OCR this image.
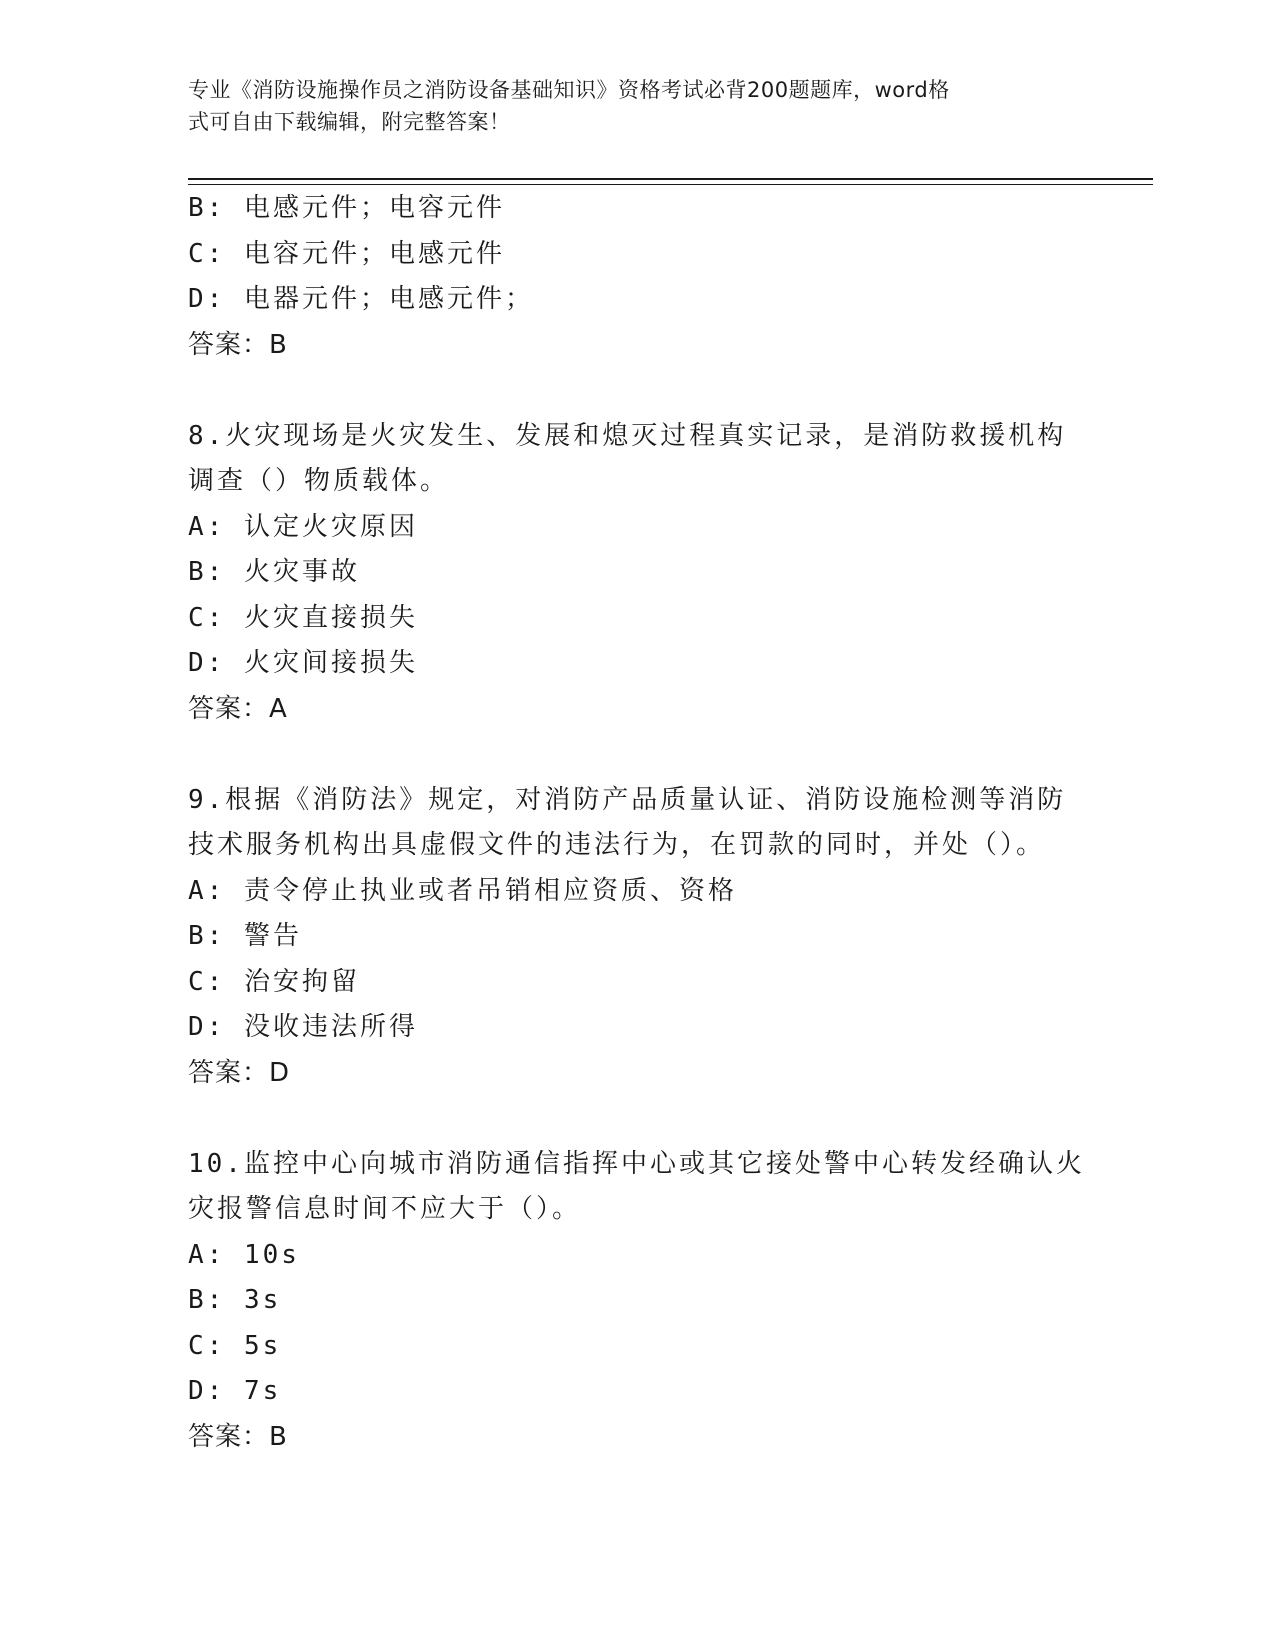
专业《消防设施操作员之消防设备基础知识》资格考试必背200题题库，word格
式可自由下载编辑，附完整答案！
B: 电感元件；电容元件
C: 电容元件；电感元件
D: 电器元件；电感元件；
答案：B
8.火灾现场是火灾发生、发展和熄灭过程真实记录，是消防救援机构
调查（）物质载体。
A: 认定火灾原因
B: 火灾事故
C: 火灾直接损失
D: 火灾间接损失
答案：A
9.根据《消防法》规定，对消防产品质量认证、消防设施检测等消防
技术服务机构出具虚假文件的违法行为，在罚款的同时，并处（）。
A: 责令停止执业或者吊销相应资质、资格
B: 警告
C: 治安拘留
D: 没收违法所得
答案：D
10.监控中心向城市消防通信指挥中心或其它接处警中心转发经确认火
灾报警信息时间不应大于（）。
A: 10s
B: 3s
C: 5s
D: 7s
答案：B
